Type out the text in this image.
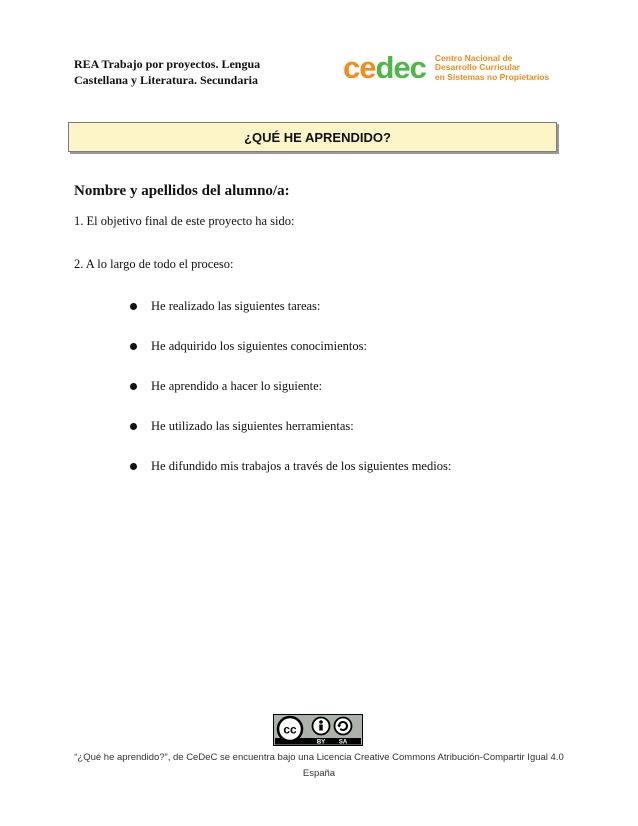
REA Trabajo por proyectos. Lengua
Castellana y Literatura. Secundaria	cedec Centro Nacional de
Desarrollo Curricular
en Sistemas no Propietarios
¿QUÉ HE APRENDIDO?
Nombre y apellidos del alumno/a:
1. El objetivo final de este proyecto ha sido:
2. A lo largo de todo el proceso:
He realizado las siguientes tareas:
He adquirido los siguientes conocimientos:
He aprendido a hacer lo siguiente:
He utilizado las siguientes herramientas:
He difundido mis trabajos a través de los siguientes medios:
cc
BY SA
“¿Qué he aprendido?”, de CeDeC se encuentra bajo una Licencia Creative Commons Atribución-Compartir Igual 4.0
España
